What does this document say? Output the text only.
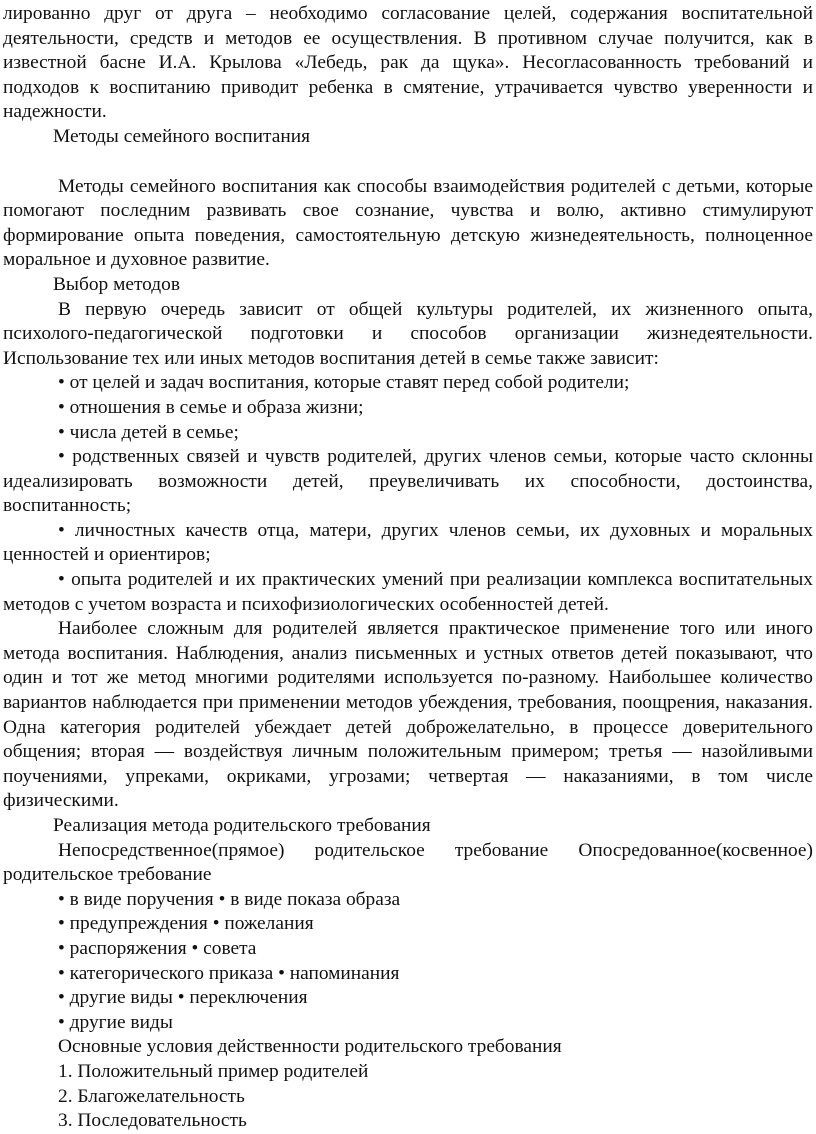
лированно друг от друга – необходимо согласование целей, содержания воспитательной деятельности, средств и методов ее осуществления. В противном случае получится, как в известной басне И.А. Крылова «Лебедь, рак да щука». Несогласованность требований и подходов к воспитанию приводит ребенка в смятение, утрачивается чувство уверенности и надежности.

Методы семейного воспитания

Методы семейного воспитания как способы взаимодействия родителей с детьми, которые помогают последним развивать свое сознание, чувства и волю, активно стимулируют формирование опыта поведения, самостоятельную детскую жизнедеятельность, полноценное моральное и духовное развитие.

Выбор методов

В первую очередь зависит от общей культуры родителей, их жизненного опыта, психолого-педагогической подготовки и способов организации жизнедеятельности. Использование тех или иных методов воспитания детей в семье также зависит:

• от целей и задач воспитания, которые ставят перед собой родители;

• отношения в семье и образа жизни;

• числа детей в семье;

• родственных связей и чувств родителей, других членов семьи, которые часто склонны идеализировать возможности детей, преувеличивать их способности, достоинства, воспитанность;

• личностных качеств отца, матери, других членов семьи, их духовных и моральных ценностей и ориентиров;

• опыта родителей и их практических умений при реализации комплекса воспитательных методов с учетом возраста и психофизиологических особенностей детей.

Наиболее сложным для родителей является практическое применение того или иного метода воспитания. Наблюдения, анализ письменных и устных ответов детей показывают, что один и тот же метод многими родителями используется по-разному. Наибольшее количество вариантов наблюдается при применении методов убеждения, требования, поощрения, наказания. Одна категория родителей убеждает детей доброжелательно, в процессе доверительного общения; вторая — воздействуя личным положительным примером; третья — назойливыми поучениями, упреками, окриками, угрозами; четвертая — наказаниями, в том числе физическими.

Реализация метода родительского требования

Непосредственное(прямое) родительское требование Опосредованное(косвенное) родительское требование

• в виде поручения • в виде показа образа

• предупреждения • пожелания

• распоряжения • совета

• категорического приказа • напоминания

• другие виды • переключения

• другие виды

Основные условия действенности родительского требования

1. Положительный пример родителей

2. Благожелательность

3. Последовательность
